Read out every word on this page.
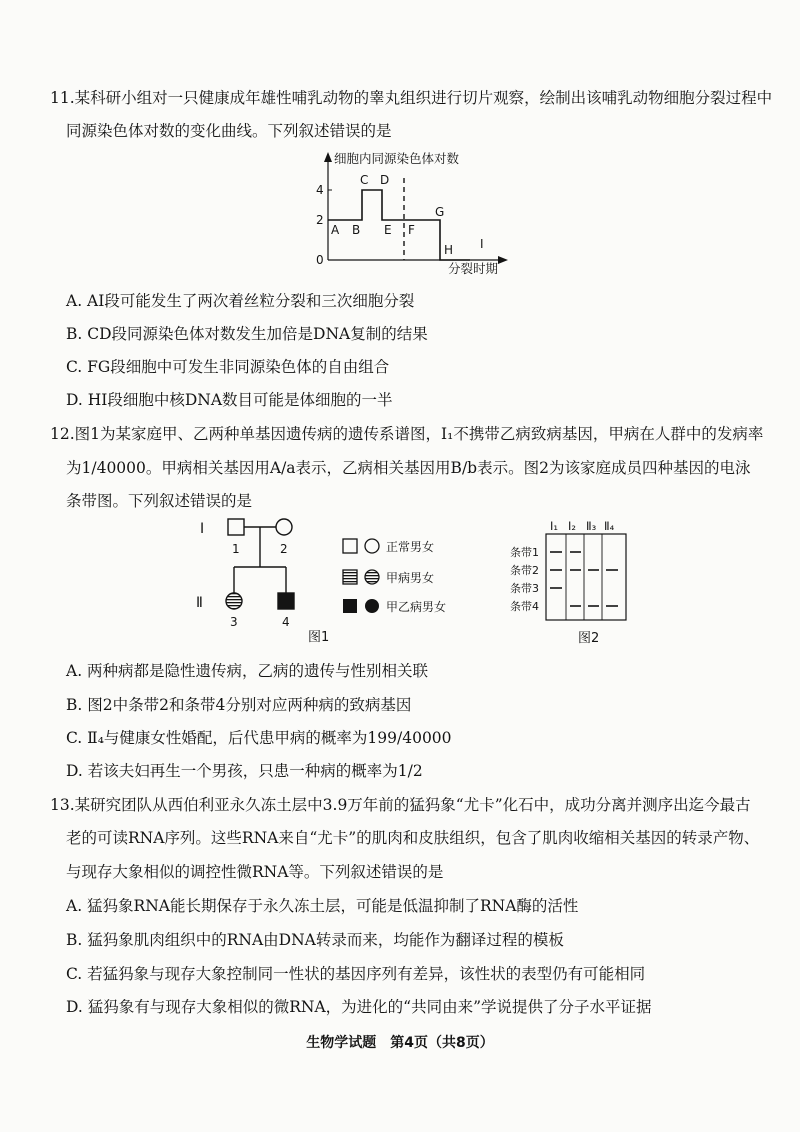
11.某科研小组对一只健康成年雄性哺乳动物的睾丸组织进行切片观察，绘制出该哺乳动物细胞分裂过程中
同源染色体对数的变化曲线。下列叙述错误的是
细胞内同源染色体对数
分裂时期
4
2
0
A B
C D
E F
G
H I
A. AI段可能发生了两次着丝粒分裂和三次细胞分裂
B. CD段同源染色体对数发生加倍是DNA复制的结果
C. FG段细胞中可发生非同源染色体的自由组合
D. HI段细胞中核DNA数目可能是体细胞的一半
12.图1为某家庭甲、乙两种单基因遗传病的遗传系谱图，Ⅰ₁不携带乙病致病基因，甲病在人群中的发病率
为1/40000。甲病相关基因用A/a表示，乙病相关基因用B/b表示。图2为该家庭成员四种基因的电泳
条带图。下列叙述错误的是
Ⅰ
Ⅱ
1	2
3	4
正常男女
甲病男女
甲乙病男女
图1
Ⅰ₁ Ⅰ₂ Ⅱ₃ Ⅱ₄
条带1
条带2
条带3
条带4
图2
A. 两种病都是隐性遗传病，乙病的遗传与性别相关联
B. 图2中条带2和条带4分别对应两种病的致病基因
C. Ⅱ₄与健康女性婚配，后代患甲病的概率为199/40000
D. 若该夫妇再生一个男孩，只患一种病的概率为1/2
13.某研究团队从西伯利亚永久冻土层中3.9万年前的猛犸象“尤卡”化石中，成功分离并测序出迄今最古
老的可读RNA序列。这些RNA来自“尤卡”的肌肉和皮肤组织，包含了肌肉收缩相关基因的转录产物、
与现存大象相似的调控性微RNA等。下列叙述错误的是
A. 猛犸象RNA能长期保存于永久冻土层，可能是低温抑制了RNA酶的活性
B. 猛犸象肌肉组织中的RNA由DNA转录而来，均能作为翻译过程的模板
C. 若猛犸象与现存大象控制同一性状的基因序列有差异，该性状的表型仍有可能相同
D. 猛犸象有与现存大象相似的微RNA，为进化的“共同由来”学说提供了分子水平证据
生物学试题　第4页（共8页）
